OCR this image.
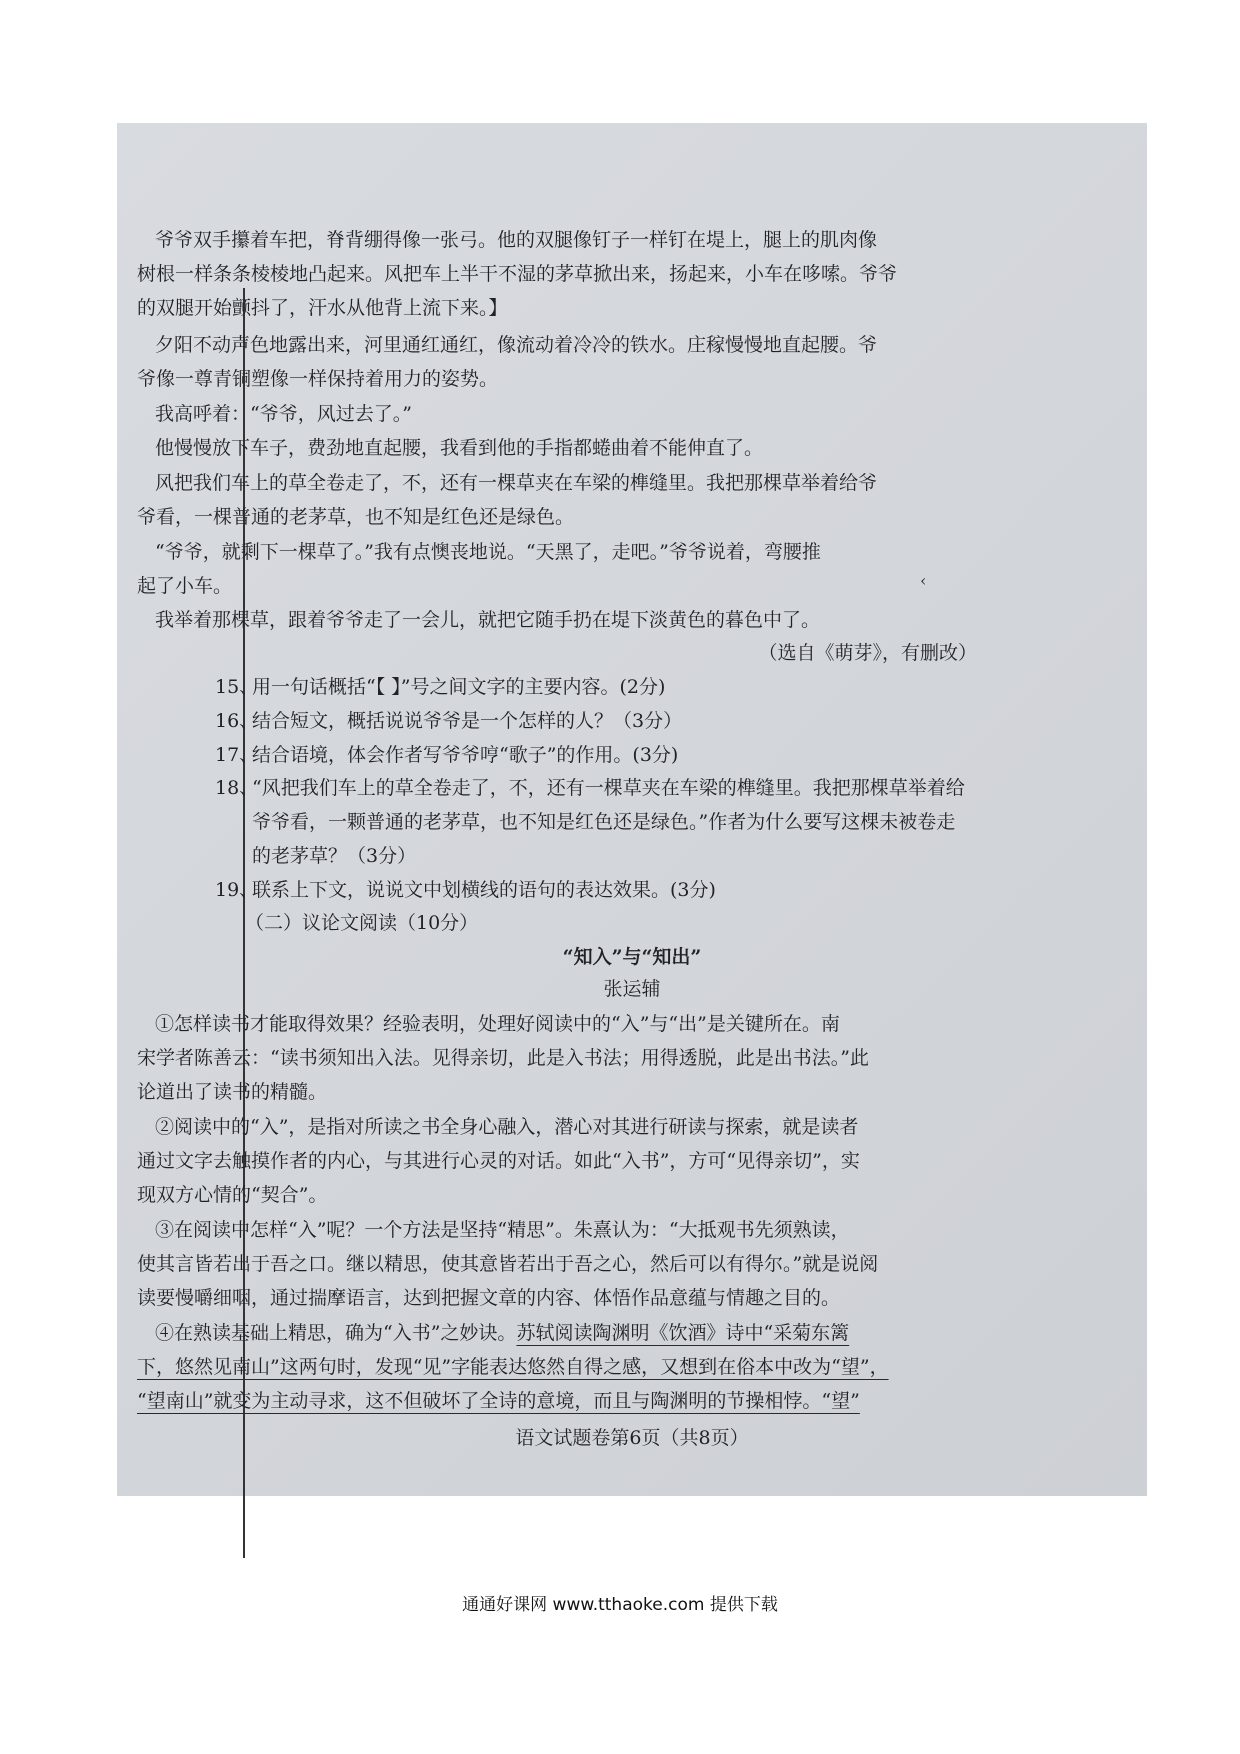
爷爷双手攥着车把，脊背绷得像一张弓。他的双腿像钉子一样钉在堤上，腿上的肌肉像
树根一样条条棱棱地凸起来。风把车上半干不湿的茅草掀出来，扬起来，小车在哆嗦。爷爷
的双腿开始颤抖了，汗水从他背上流下来。】
夕阳不动声色地露出来，河里通红通红，像流动着冷冷的铁水。庄稼慢慢地直起腰。爷
爷像一尊青铜塑像一样保持着用力的姿势。
我高呼着：“爷爷，风过去了。”
他慢慢放下车子，费劲地直起腰，我看到他的手指都蜷曲着不能伸直了。
风把我们车上的草全卷走了，不，还有一棵草夹在车梁的榫缝里。我把那棵草举着给爷
爷看，一棵普通的老茅草，也不知是红色还是绿色。
“爷爷，就剩下一棵草了。”我有点懊丧地说。“天黑了，走吧。”爷爷说着，弯腰推
起了小车。
我举着那棵草，跟着爷爷走了一会儿，就把它随手扔在堤下淡黄色的暮色中了。
（选自《萌芽》，有删改）
‹
15、
用一句话概括“【 】”号之间文字的主要内容。(2分)
16、
结合短文，概括说说爷爷是一个怎样的人？（3分）
17、
结合语境，体会作者写爷爷哼“歌子”的作用。(3分)
18、
“风把我们车上的草全卷走了，不，还有一棵草夹在车梁的榫缝里。我把那棵草举着给
爷爷看，一颗普通的老茅草，也不知是红色还是绿色。”作者为什么要写这棵未被卷走
的老茅草？（3分）
19、
联系上下文，说说文中划横线的语句的表达效果。(3分)
（二）议论文阅读（10分）
“知入”与“知出”
张运辅
①怎样读书才能取得效果？经验表明，处理好阅读中的“入”与“出”是关键所在。南
宋学者陈善云：“读书须知出入法。见得亲切，此是入书法；用得透脱，此是出书法。”此
论道出了读书的精髓。
②阅读中的“入”，是指对所读之书全身心融入，潜心对其进行研读与探索，就是读者
通过文字去触摸作者的内心，与其进行心灵的对话。如此“入书”，方可“见得亲切”，实
现双方心情的“契合”。
③在阅读中怎样“入”呢？一个方法是坚持“精思”。朱熹认为：“大抵观书先须熟读，
使其言皆若出于吾之口。继以精思，使其意皆若出于吾之心，然后可以有得尔。”就是说阅
读要慢嚼细咽，通过揣摩语言，达到把握文章的内容、体悟作品意蕴与情趣之目的。
④在熟读基础上精思，确为“入书”之妙诀。苏轼阅读陶渊明《饮酒》诗中“采菊东篱
下，悠然见南山”这两句时，发现“见”字能表达悠然自得之感，又想到在俗本中改为“望”，
“望南山”就变为主动寻求，这不但破坏了全诗的意境，而且与陶渊明的节操相悖。“望”
语文试题卷第6页（共8页）
通通好课网 www.tthaoke.com 提供下载
